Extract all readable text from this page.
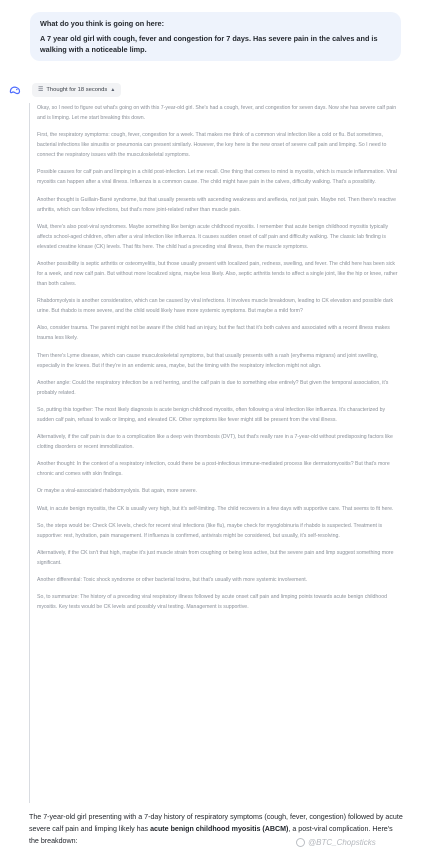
What do you think is going on here:

A 7 year old girl with cough, fever and congestion for 7 days. Has severe pain in the calves and is walking with a noticeable limp.

☰ Thought for 18 seconds ▲

Okay, so I need to figure out what's going on with this 7-year-old girl. She's had a cough, fever, and congestion for seven days. Now she has severe calf pain and is limping. Let me start breaking this down.

First, the respiratory symptoms: cough, fever, congestion for a week. That makes me think of a common viral infection like a cold or flu. But sometimes, bacterial infections like sinusitis or pneumonia can present similarly. However, the key here is the new onset of severe calf pain and limping. So I need to connect the respiratory issues with the musculoskeletal symptoms.

Possible causes for calf pain and limping in a child post-infection. Let me recall. One thing that comes to mind is myositis, which is muscle inflammation. Viral myositis can happen after a viral illness. Influenza is a common cause. The child might have pain in the calves, difficulty walking. That's a possibility.

Another thought is Guillain-Barré syndrome, but that usually presents with ascending weakness and areflexia, not just pain. Maybe not. Then there's reactive arthritis, which can follow infections, but that's more joint-related rather than muscle pain.

Wait, there's also post-viral syndromes. Maybe something like benign acute childhood myositis. I remember that acute benign childhood myositis typically affects school-aged children, often after a viral infection like influenza. It causes sudden onset of calf pain and difficulty walking. The classic lab finding is elevated creatine kinase (CK) levels. That fits here. The child had a preceding viral illness, then the muscle symptoms.

Another possibility is septic arthritis or osteomyelitis, but those usually present with localized pain, redness, swelling, and fever. The child here has been sick for a week, and now calf pain. But without more localized signs, maybe less likely. Also, septic arthritis tends to affect a single joint, like the hip or knee, rather than both calves.

Rhabdomyolysis is another consideration, which can be caused by viral infections. It involves muscle breakdown, leading to CK elevation and possible dark urine. But rhabdo is more severe, and the child would likely have more systemic symptoms. But maybe a mild form?

Also, consider trauma. The parent might not be aware if the child had an injury, but the fact that it's both calves and associated with a recent illness makes trauma less likely.

Then there's Lyme disease, which can cause musculoskeletal symptoms, but that usually presents with a rash (erythema migrans) and joint swelling, especially in the knees. But if they're in an endemic area, maybe, but the timing with the respiratory infection might not align.

Another angle: Could the respiratory infection be a red herring, and the calf pain is due to something else entirely? But given the temporal association, it's probably related.

So, putting this together: The most likely diagnosis is acute benign childhood myositis, often following a viral infection like influenza. It's characterized by sudden calf pain, refusal to walk or limping, and elevated CK. Other symptoms like fever might still be present from the viral illness.

Alternatively, if the calf pain is due to a complication like a deep vein thrombosis (DVT), but that's really rare in a 7-year-old without predisposing factors like clotting disorders or recent immobilization.

Another thought: In the context of a respiratory infection, could there be a post-infectious immune-mediated process like dermatomyositis? But that's more chronic and comes with skin findings.

Or maybe a viral-associated rhabdomyolysis. But again, more severe.

Wait, in acute benign myositis, the CK is usually very high, but it's self-limiting. The child recovers in a few days with supportive care. That seems to fit here.

So, the steps would be: Check CK levels, check for recent viral infections (like flu), maybe check for myoglobinuria if rhabdo is suspected. Treatment is supportive: rest, hydration, pain management. If influenza is confirmed, antivirals might be considered, but usually, it's self-resolving.

Alternatively, if the CK isn't that high, maybe it's just muscle strain from coughing or being less active, but the severe pain and limp suggest something more significant.

Another differential: Toxic shock syndrome or other bacterial toxins, but that's usually with more systemic involvement.

So, to summarize: The history of a preceding viral respiratory illness followed by acute onset calf pain and limping points towards acute benign childhood myositis. Key tests would be CK levels and possibly viral testing. Management is supportive.

The 7-year-old girl presenting with a 7-day history of respiratory symptoms (cough, fever, congestion) followed by acute severe calf pain and limping likely has acute benign childhood myositis (ABCM), a post-viral complication. Here's the breakdown:	@BTC_Chopsticks
